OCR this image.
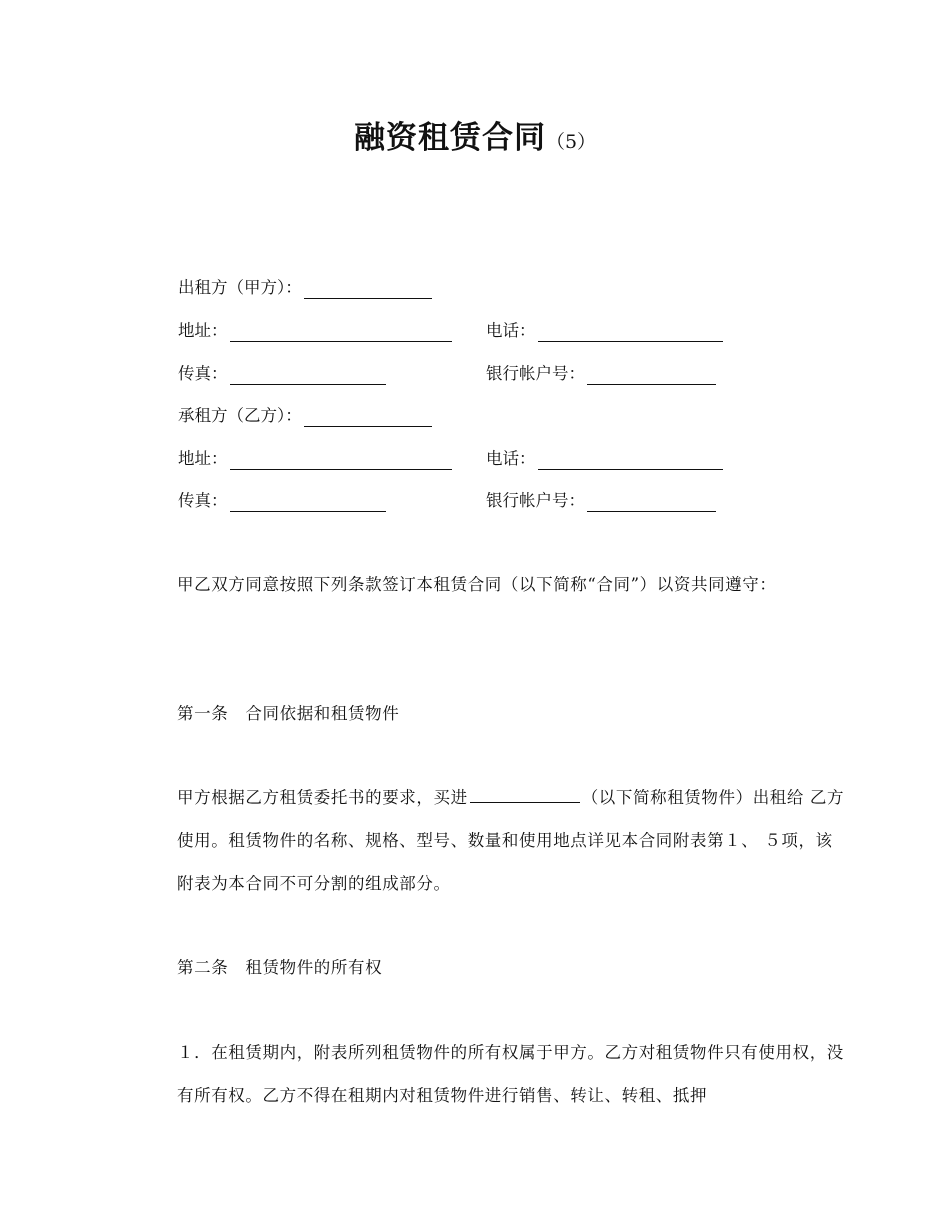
融资租赁合同（5）
出租方（甲方）：
地址：	电话：
传真：	银行帐户号：
承租方（乙方）：
地址：	电话：
传真：	银行帐户号：
甲乙双方同意按照下列条款签订本租赁合同（以下简称“合同”）以资共同遵守：
第一条　合同依据和租赁物件
甲方根据乙方租赁委托书的要求，买进	（以下简称租赁物件）出租给 乙方使用。租赁物件的名称、规格、型号、数量和使用地点详见本合同附表第１、 ５项，该附表为本合同不可分割的组成部分。
第二条　租赁物件的所有权
１．在租赁期内，附表所列租赁物件的所有权属于甲方。乙方对租赁物件只有使用权，没有所有权。乙方不得在租期内对租赁物件进行销售、转让、转租、抵押
